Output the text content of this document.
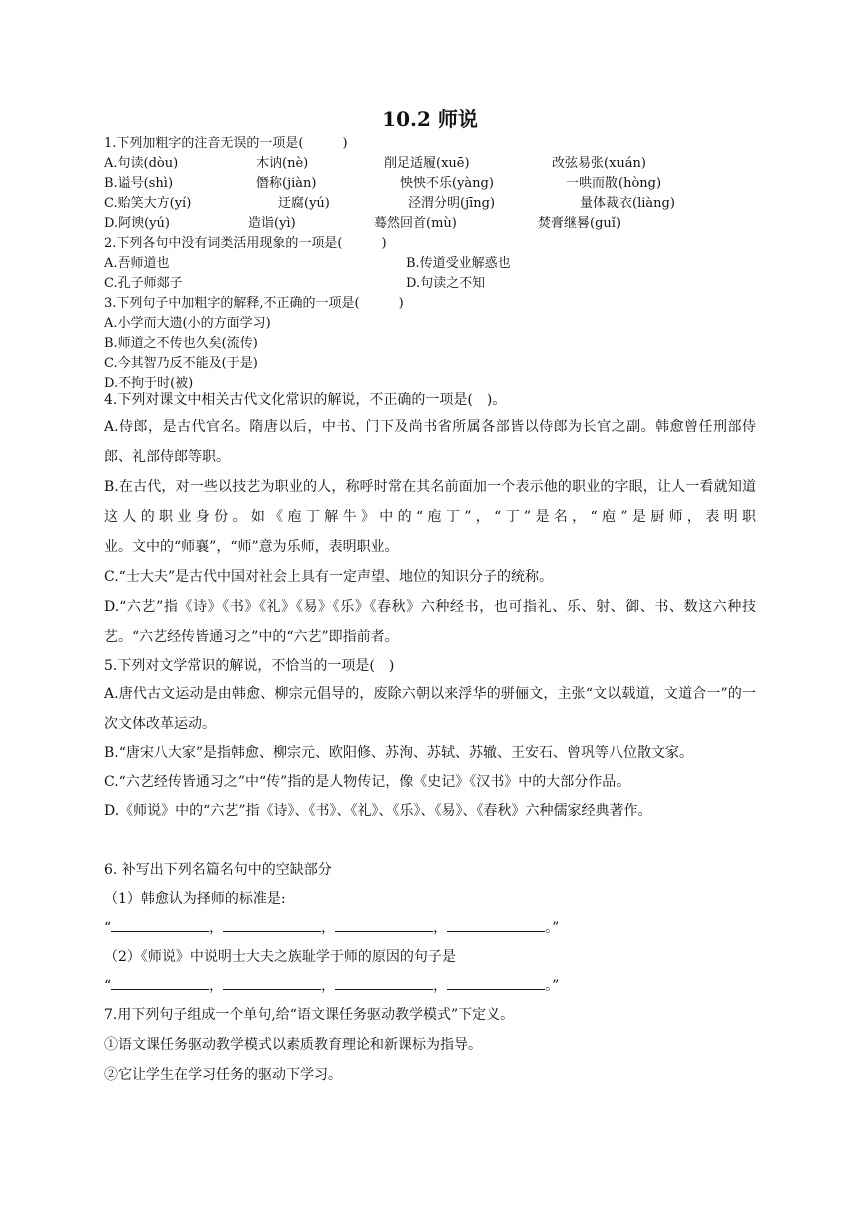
10.2 师说
1.下列加粗字的注音无误的一项是(　　　)
A.句读(dòu)	木讷(nè)	削足适履(xuē)	改弦易张(xuán)
B.谥号(shì)	僭称(jiàn)	怏怏不乐(yàng)	一哄而散(hòng)
C.贻笑大方(yí)	迂腐(yú)	泾渭分明(jīng)	量体裁衣(liàng)
D.阿谀(yú)	造诣(yì)	蓦然回首(mù)	焚膏继晷(guǐ)
2.下列各句中没有词类活用现象的一项是(　　　)
A.吾师道也	B.传道受业解惑也
C.孔子师郯子	D.句读之不知
3.下列句子中加粗字的解释,不正确的一项是(　　　)
A.小学而大遗(小的方面学习)
B.师道之不传也久矣(流传)
C.今其智乃反不能及(于是)
D.不拘于时(被)
4.下列对课文中相关古代文化常识的解说，不正确的一项是(　)。
A.侍郎，是古代官名。隋唐以后，中书、门下及尚书省所属各部皆以侍郎为长官之副。韩愈曾任刑部侍郎、礼部侍郎等职。
B.在古代，对一些以技艺为职业的人，称呼时常在其名前面加一个表示他的职业的字眼，让人一看就知道这人的职业身份。如《庖丁解牛》中的“庖丁”，“丁”是名，“庖”是厨师，表明职
业。文中的“师襄”，“师”意为乐师，表明职业。
C.“士大夫”是古代中国对社会上具有一定声望、地位的知识分子的统称。
D.“六艺”指《诗》《书》《礼》《易》《乐》《春秋》六种经书，也可指礼、乐、射、御、书、数这六种技艺。“六艺经传皆通习之”中的“六艺”即指前者。
5.下列对文学常识的解说，不恰当的一项是(　)
A.唐代古文运动是由韩愈、柳宗元倡导的，废除六朝以来浮华的骈俪文，主张“文以载道，文道合一”的一次文体改革运动。
B.“唐宋八大家”是指韩愈、柳宗元、欧阳修、苏洵、苏轼、苏辙、王安石、曾巩等八位散文家。
C.“六艺经传皆通习之”中“传”指的是人物传记，像《史记》《汉书》中的大部分作品。
D.《师说》中的“六艺”指《诗》、《书》、《礼》、《乐》、《易》、《春秋》六种儒家经典著作。
6. 补写出下列名篇名句中的空缺部分
（1）韩愈认为择师的标准是:
“	，	，	，	。”
（2）《师说》中说明士大夫之族耻学于师的原因的句子是
“	，	，	，	。”
7.用下列句子组成一个单句,给“语文课任务驱动教学模式”下定义。
①语文课任务驱动教学模式以素质教育理论和新课标为指导。
②它让学生在学习任务的驱动下学习。
